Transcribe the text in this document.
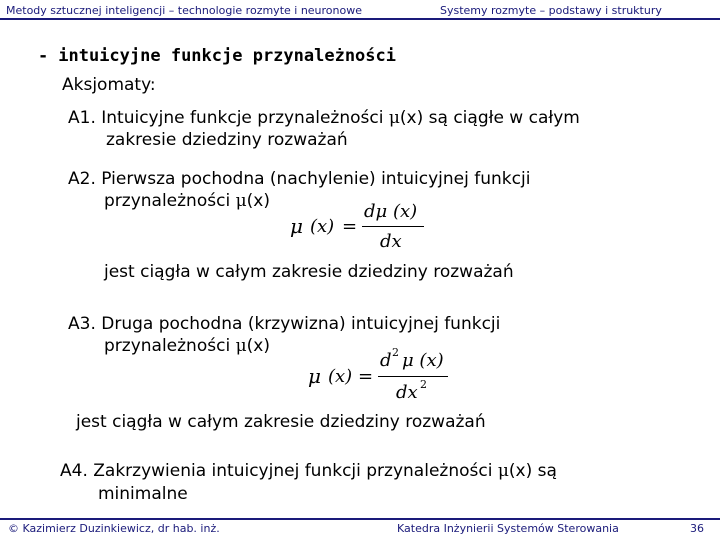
Metody sztucznej inteligencji – technologie rozmyte i neuronowe	Systemy rozmyte – podstawy i struktury
- intuicyjne funkcje przynależności
Aksjomaty:
A1. Intuicyjne funkcje przynależności μ(x) są ciągłe w całym
zakresie dziedziny rozważań
A2. Pierwsza pochodna (nachylenie) intuicyjnej funkcji
przynależności μ(x)
μ (x) =
dμ (x)
dx
jest ciągła w całym zakresie dziedziny rozważań
A3. Druga pochodna (krzywizna) intuicyjnej funkcji
przynależności μ(x)
μ (x) =
d 2 μ (x)
dx 2
jest ciągła w całym zakresie dziedziny rozważań
A4. Zakrzywienia intuicyjnej funkcji przynależności μ(x) są
minimalne
© Kazimierz Duzinkiewicz, dr hab. inż.	Katedra Inżynierii Systemów Sterowania	36
